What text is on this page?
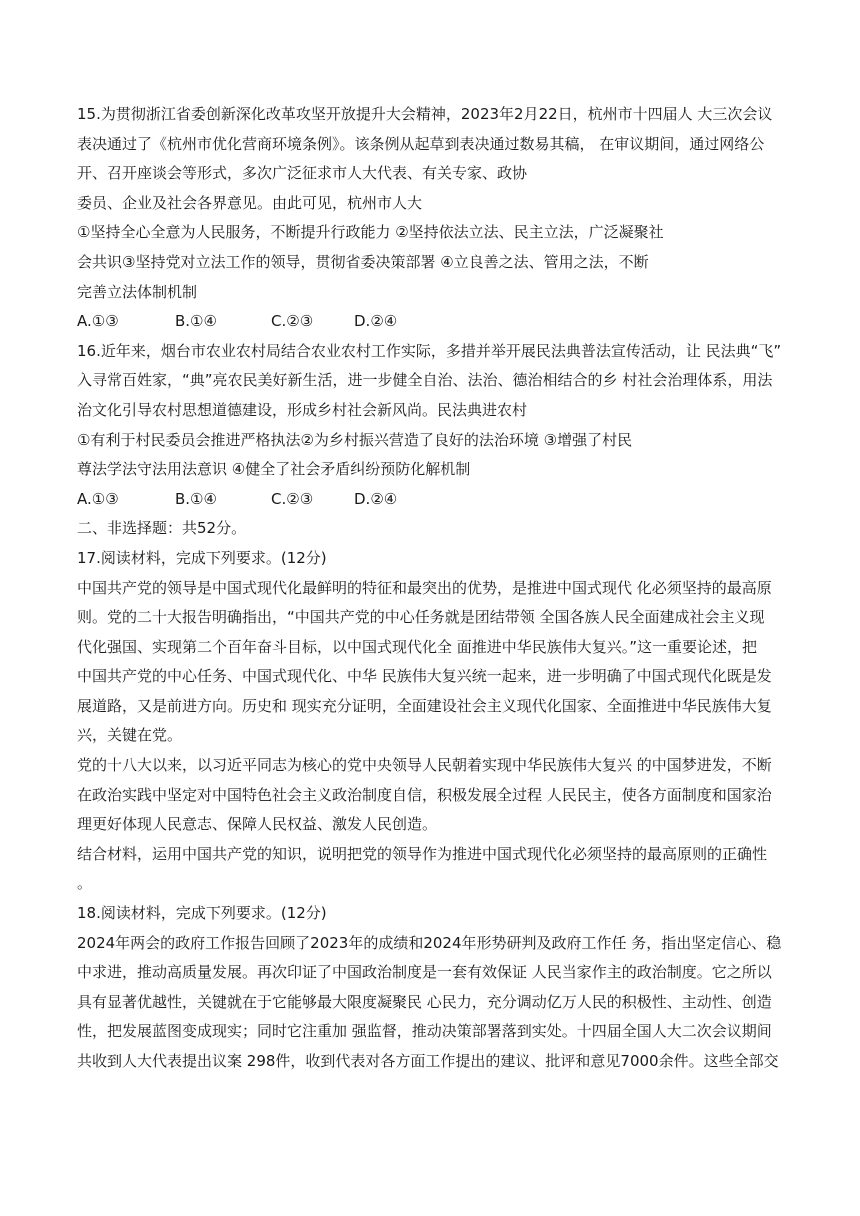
15.为贯彻浙江省委创新深化改革攻坚开放提升大会精神，2023年2月22日，杭州市十四届人 大三次会议
表决通过了《杭州市优化营商环境条例》。该条例从起草到表决通过数易其稿， 在审议期间，通过网络公
开、召开座谈会等形式，多次广泛征求市人大代表、有关专家、政协
委员、企业及社会各界意见。由此可见，杭州市人大
①坚持全心全意为人民服务，不断提升行政能力 ②坚持依法立法、民主立法，广泛凝聚社
会共识③坚持党对立法工作的领导，贯彻省委决策部署 ④立良善之法、管用之法，不断
完善立法体制机制
A.①③	B.①④	C.②③	D.②④
16.近年来，烟台市农业农村局结合农业农村工作实际，多措并举开展民法典普法宣传活动，让 民法典“飞”
入寻常百姓家，“典”亮农民美好新生活，进一步健全自治、法治、德治相结合的乡 村社会治理体系，用法
治文化引导农村思想道德建设，形成乡村社会新风尚。民法典进农村
①有利于村民委员会推进严格执法②为乡村振兴营造了良好的法治环境 ③增强了村民
尊法学法守法用法意识 ④健全了社会矛盾纠纷预防化解机制
A.①③	B.①④	C.②③	D.②④
二、非选择题：共52分。
17.阅读材料，完成下列要求。(12分)
中国共产党的领导是中国式现代化最鲜明的特征和最突出的优势，是推进中国式现代 化必须坚持的最高原
则。党的二十大报告明确指出，“中国共产党的中心任务就是团结带领 全国各族人民全面建成社会主义现
代化强国、实现第二个百年奋斗目标，以中国式现代化全 面推进中华民族伟大复兴。”这一重要论述，把
中国共产党的中心任务、中国式现代化、中华 民族伟大复兴统一起来，进一步明确了中国式现代化既是发
展道路，又是前进方向。历史和 现实充分证明，全面建设社会主义现代化国家、全面推进中华民族伟大复
兴，关键在党。
党的十八大以来，以习近平同志为核心的党中央领导人民朝着实现中华民族伟大复兴 的中国梦进发，不断
在政治实践中坚定对中国特色社会主义政治制度自信，积极发展全过程 人民民主，使各方面制度和国家治
理更好体现人民意志、保障人民权益、激发人民创造。
结合材料，运用中国共产党的知识，说明把党的领导作为推进中国式现代化必须坚持的最高原则的正确性
。
18.阅读材料，完成下列要求。(12分)
2024年两会的政府工作报告回顾了2023年的成绩和2024年形势研判及政府工作任 务，指出坚定信心、稳
中求进，推动高质量发展。再次印证了中国政治制度是一套有效保证 人民当家作主的政治制度。它之所以
具有显著优越性，关键就在于它能够最大限度凝聚民 心民力，充分调动亿万人民的积极性、主动性、创造
性，把发展蓝图变成现实；同时它注重加 强监督，推动决策部署落到实处。十四届全国人大二次会议期间
共收到人大代表提出议案 298件，收到代表对各方面工作提出的建议、批评和意见7000余件。这些全部交
